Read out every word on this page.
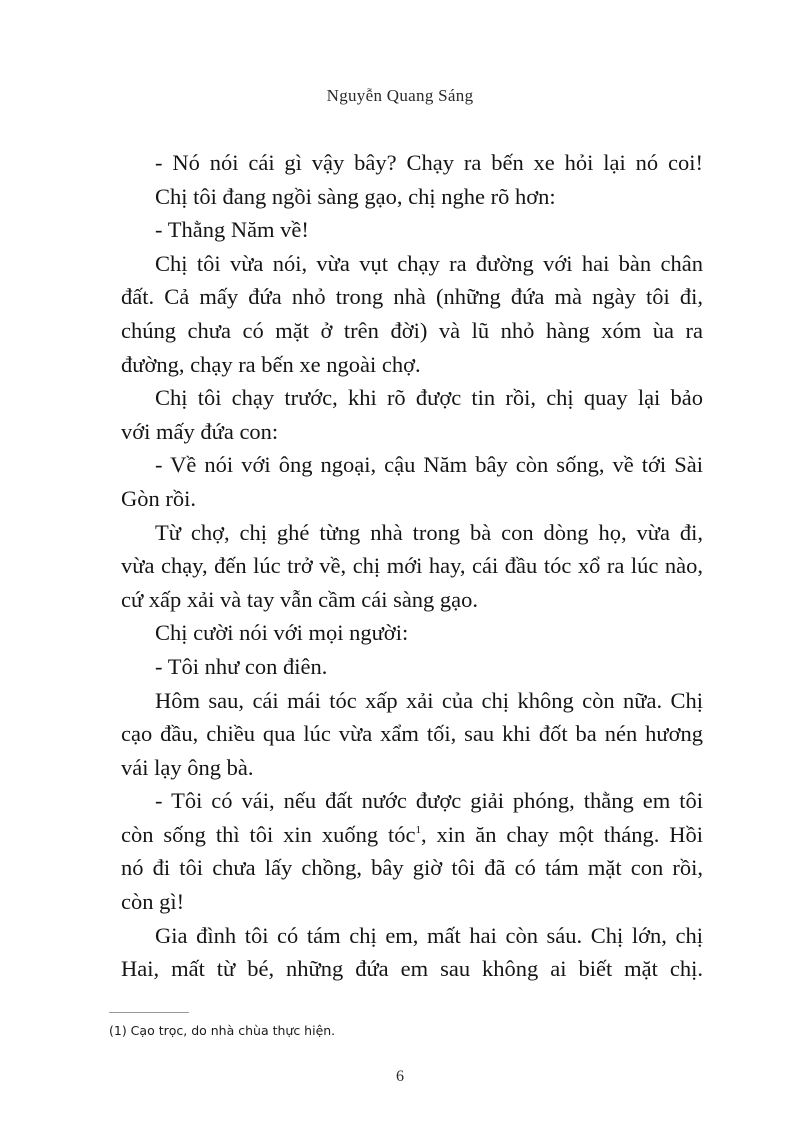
Nguyễn Quang Sáng
- Nó nói cái gì vậy bây? Chạy ra bến xe hỏi lại nó coi!
Chị tôi đang ngồi sàng gạo, chị nghe rõ hơn:
- Thằng Năm về!
Chị tôi vừa nói, vừa vụt chạy ra đường với hai bàn chân
đất. Cả mấy đứa nhỏ trong nhà (những đứa mà ngày tôi đi,
chúng chưa có mặt ở trên đời) và lũ nhỏ hàng xóm ùa ra
đường, chạy ra bến xe ngoài chợ.
Chị tôi chạy trước, khi rõ được tin rồi, chị quay lại bảo
với mấy đứa con:
- Về nói với ông ngoại, cậu Năm bây còn sống, về tới Sài
Gòn rồi.
Từ chợ, chị ghé từng nhà trong bà con dòng họ, vừa đi,
vừa chạy, đến lúc trở về, chị mới hay, cái đầu tóc xổ ra lúc nào,
cứ xấp xải và tay vẫn cầm cái sàng gạo.
Chị cười nói với mọi người:
- Tôi như con điên.
Hôm sau, cái mái tóc xấp xải của chị không còn nữa. Chị
cạo đầu, chiều qua lúc vừa xẩm tối, sau khi đốt ba nén hương
vái lạy ông bà.
- Tôi có vái, nếu đất nước được giải phóng, thằng em tôi
còn sống thì tôi xin xuống tóc$^1$, xin ăn chay một tháng. Hồi
nó đi tôi chưa lấy chồng, bây giờ tôi đã có tám mặt con rồi,
còn gì!
Gia đình tôi có tám chị em, mất hai còn sáu. Chị lớn, chị
Hai, mất từ bé, những đứa em sau không ai biết mặt chị.
(1) Cạo trọc, do nhà chùa thực hiện.
6
